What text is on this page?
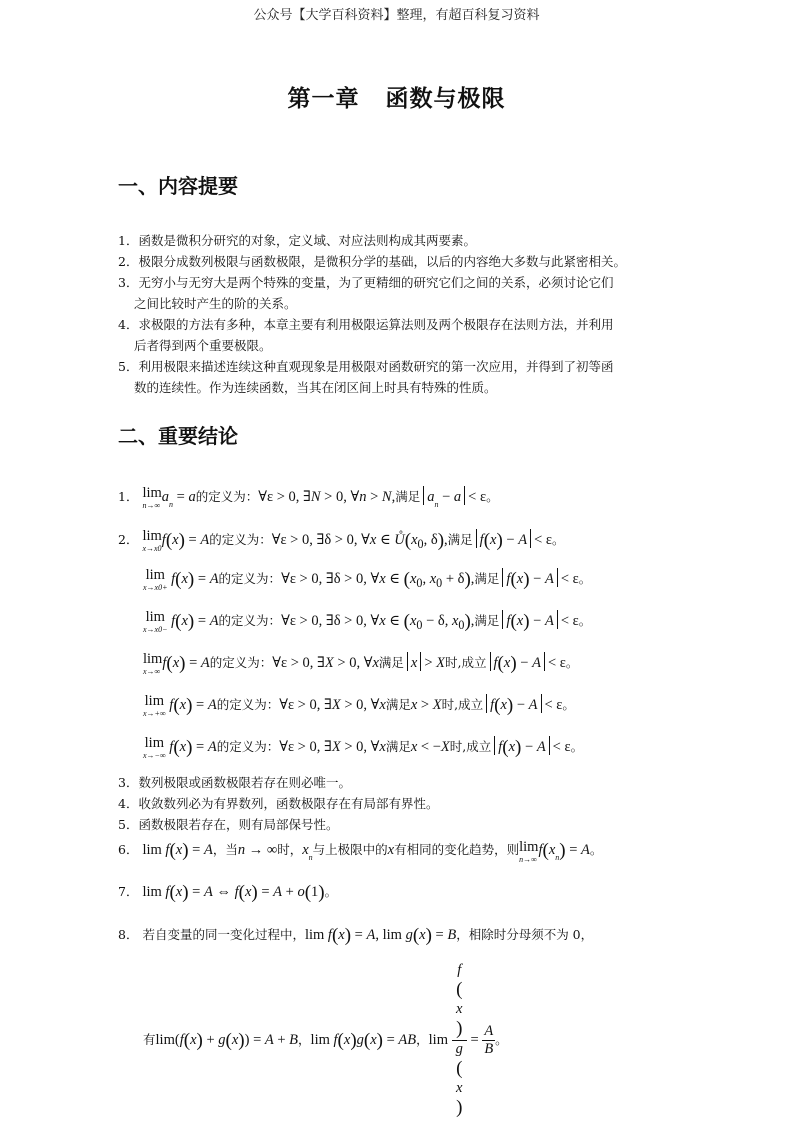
公众号【大学百科资料】整理，有超百科复习资料
第一章 函数与极限
一、内容提要

1．函数是微积分研究的对象，定义域、对应法则构成其两要素。

2．极限分成数列极限与函数极限，是微积分学的基础，以后的内容绝大多数与此紧密相关。

3．无穷小与无穷大是两个特殊的变量，为了更精细的研究它们之间的关系，必须讨论它们
之间比较时产生的阶的关系。

4．求极限的方法有多种，本章主要有利用极限运算法则及两个极限存在法则方法，并利用
后者得到两个重要极限。

5．利用极限来描述连续这种直观现象是用极限对函数研究的第一次应用，并得到了初等函
数的连续性。作为连续函数，当其在闭区间上时具有特殊的性质。

二、重要结论
1． lim
n→∞
$a_n = a$的定义为：∀ε > 0, ∃N > 0, ∀n > N,满足 $a_n - a < \varepsilon$。
2． lim
x→x0
f(x) = A的定义为：∀ε > 0, ∃δ > 0, ∀x ∈ $Ů(x_0$, δ),满足 f(x) − A < ε。
lim
x→x0+
f(x) = A的定义为：∀ε > 0, ∃δ > 0, ∀x ∈ ($x_0$, $x_0 + \delta$),满足 f(x) − A < ε。
lim
x→x0−
f(x) = A的定义为：∀ε > 0, ∃δ > 0, ∀x ∈ ($x_0 - \delta$, $x_0$),满足 f(x) − A < ε。
lim
x→∞
f(x) = A的定义为：∀ε > 0, ∃X > 0, ∀x满足 x > X时,成立 f(x) − A < ε。
lim
x→+∞
f(x) = A的定义为：∀ε > 0, ∃X > 0, ∀x满足x > X时,成立 f(x) − A < ε。
lim
x→−∞
f(x) = A的定义为：∀ε > 0, ∃X > 0, ∀x满足x < −X时,成立 f(x) − A < ε。
3．数列极限或函数极限若存在则必唯一。
4．收敛数列必为有界数列，函数极限存在有局部有界性。
5．函数极限若存在，则有局部保号性。
6． lim f(x) = A，当n → ∞时，$x_n$与上极限中的x有相同的变化趋势，则lim
n→∞
$f(x_n) = A$。
7． lim f(x) = A ⇔ f(x) = A + o(1)。
8． 若自变量的同一变化过程中，lim f(x) = A, lim g(x) = B，相除时分母须不为 0，
有lim(f(x) + g(x)) = A + B，lim f(x)g(x) = AB，lim f
(
x
)
g
(
x
) = $\frac{A}{B}$ 。
